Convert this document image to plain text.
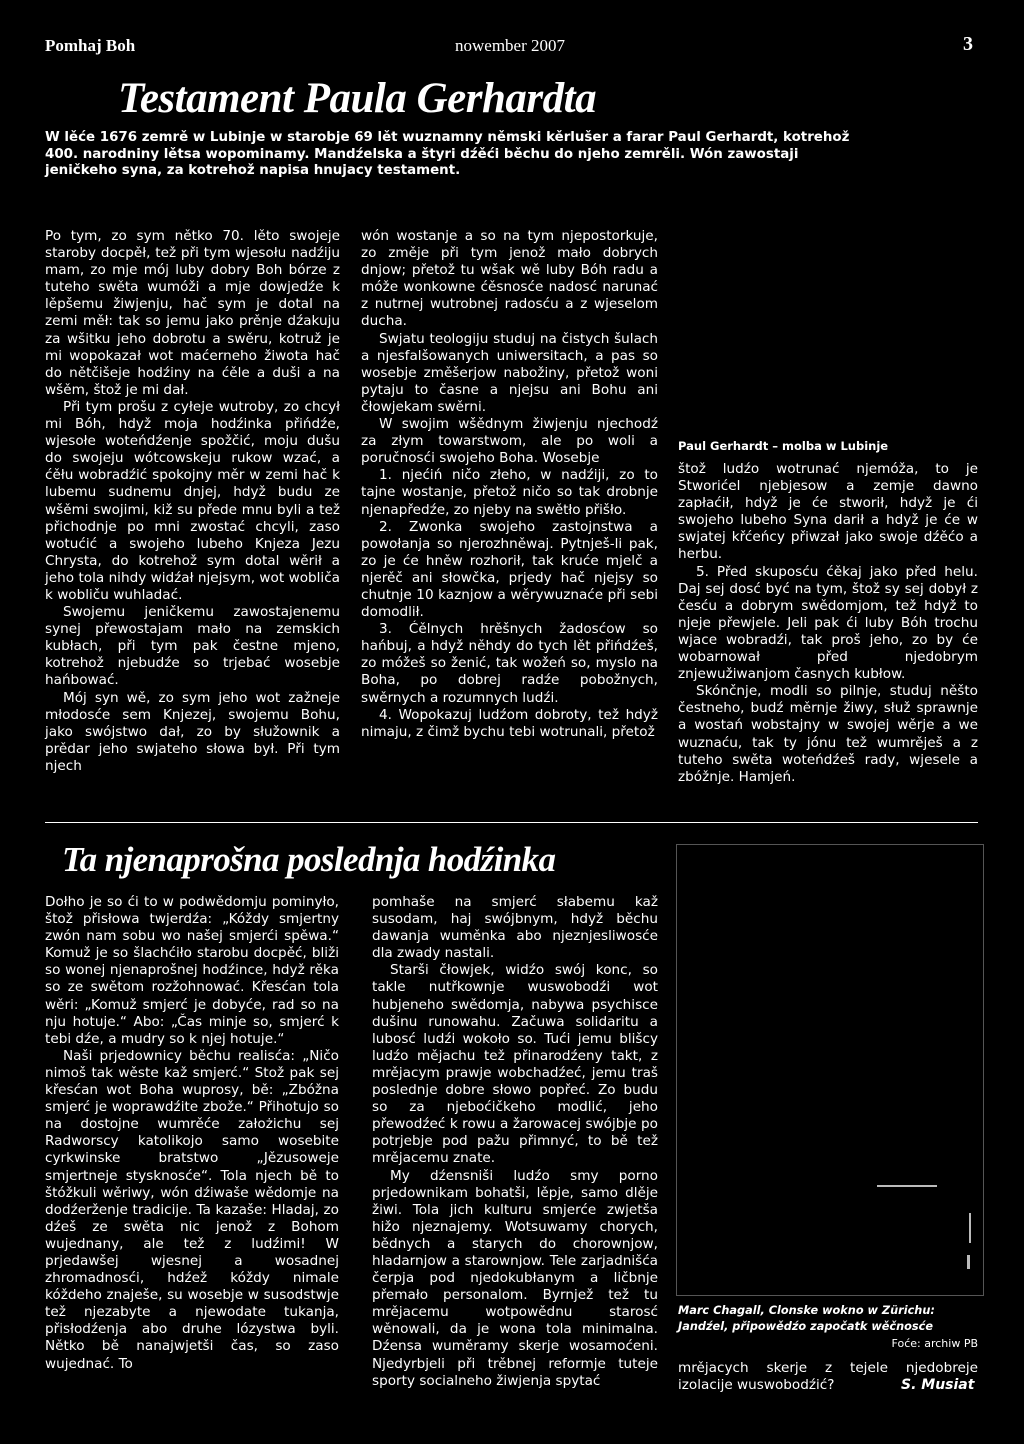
Pomhaj Boh	nowember 2007	3
Testament Paula Gerhardta
W lěće 1676 zemrě w Lubinje w starobje 69 lět wuznamny němski kěrlušer a farar Paul Gerhardt, kotrehož 400. narodniny lětsa wopominamy. Mandźelska a štyri dźěći běchu do njeho zemrěli. Wón zawostaji jeničkeho syna, za kotrehož napisa hnujacy testament.

Po tym, zo sym nětko 70. lěto swojeje staroby docpěł, tež při tym wjesołu nadźiju mam, zo mje mój luby dobry Boh bórze z tuteho swěta wumóži a mje dowjedźe k lěpšemu žiwjenju, hač sym je dotal na zemi měł: tak so jemu jako prěnje dźakuju za wšitku jeho dobrotu a swěru, kotruž je mi wopokazał wot maćerneho žiwota hač do nětčišeje hodźiny na ćěle a duši a na wšěm, štož je mi dał.

Při tym prošu z cyłeje wutroby, zo chcył mi Bóh, hdyž moja hodźinka přińdźe, wjesołe woteńdźenje spožčić, moju dušu do swojeju wótcowskeju rukow wzać, a ćěłu wobradźić spokojny měr w zemi hač k lubemu sudnemu dnjej, hdyž budu ze wšěmi swojimi, kiž su přede mnu byli a tež přichodnje po mni zwostać chcyli, zaso wotućić a swojeho lubeho Knjeza Jezu Chrysta, do kotrehož sym dotal wěrił a jeho tola nihdy widźał njejsym, wot wobliča k wobliču wuhladać.

Swojemu jeničkemu zawostajenemu synej přewostajam mało na zemskich kubłach, při tym pak čestne mjeno, kotrehož njebudźe so trjebać wosebje hańbować.

Mój syn wě, zo sym jeho wot zažneje młodosće sem Knjezej, swojemu Bohu, jako swójstwo dał, zo by słužownik a prědar jeho swjateho słowa był. Při tym njech

wón wostanje a so na tym njepostorkuje, zo změje při tym jenož mało dobrych dnjow; přetož tu wšak wě luby Bóh radu a móže wonkowne ćěsnosće nadosć narunać z nutrnej wutrobnej radosću a z wjeselom ducha.

Swjatu teologiju studuj na čistych šulach a njesfalšowanych uniwersitach, a pas so wosebje změšerjow nabožiny, přetož woni pytaju to časne a njejsu ani Bohu ani čłowjekam swěrni.

W swojim wšědnym žiwjenju njechodź za złym towarstwom, ale po woli a poručnosći swojeho Boha. Wosebje

1. njećiń ničo złeho, w nadźiji, zo to tajne wostanje, přetož ničo so tak drobnje njenapředźe, zo njeby na swětło přišło.

2. Zwonka swojeho zastojnstwa a powołanja so njerozhněwaj. Pytnješ-li pak, zo je će hněw rozhorił, tak kruće mjelč a njerěč ani słowčka, prjedy hač njejsy so chutnje 10 kaznjow a wěrywuznaće při sebi domodlił.

3. Ćělnych hrěšnych žadosćow so hańbuj, a hdyž něhdy do tych lět přińdźeš, zo móžeš so ženić, tak wožeń so, myslo na Boha, po dobrej radźe pobožnych, swěrnych a rozumnych ludźi.

4. Wopokazuj ludźom dobroty, tež hdyž nimaju, z čimž bychu tebi wotrunali, přetož

Paul Gerhardt – molba w Lubinje

štož ludźo wotrunać njemóža, to je Stworićel njebjesow a zemje dawno zapłaćił, hdyž je će stworił, hdyž je ći swojeho lubeho Syna darił a hdyž je će w swjatej křćeńcy přiwzał jako swoje dźěćo a herbu.

5. Před skuposću ćěkaj jako před helu. Daj sej dosć być na tym, štož sy sej dobył z česću a dobrym swědomjom, tež hdyž to njeje přewjele. Jeli pak ći luby Bóh trochu wjace wobradźi, tak proš jeho, zo by će wobarnował před njedobrym znjewužiwanjom časnych kubłow.

Skónčnje, modli so pilnje, studuj něšto čestneho, budź měrnje žiwy, słuž sprawnje a wostań wobstajny w swojej wěrje a we wuznaću, tak ty jónu tež wumrěješ a z tuteho swěta woteńdźeš rady, wjesele a zbóžnje. Hamjeń.

Ta njenaprošna poslednja hodźinka

Dołho je so ći to w podwědomju pominyło, štož přisłowa twjerdźa: „Kóždy smjertny zwón nam sobu wo našej smjerći spěwa.“ Komuž je so šlachćiło starobu docpěć, bliži so wonej njenaprošnej hodźince, hdyž rěka so ze swětom rozžohnować. Křesćan tola wěri: „Komuž smjerć je dobyće, rad so na nju hotuje.“ Abo: „Čas minje so, smjerć k tebi dźe, a mudry so k njej hotuje.“

Naši prjedownicy běchu realisća: „Ničo nimoš tak wěste kaž smjerć.“ Stož pak sej křesćan wot Boha wuprosy, bě: „Zbóžna smjerć je woprawdźite zbože.“ Přihotujo so na dostojne wumrěće założichu sej Radworscy katolikojo samo wosebite cyrkwinske bratstwo „Jězusoweje smjertneje stysknosće“. Tola njech bě to štóžkuli wěriwy, wón dźiwaše wědomje na dodźerženje tradicije. Ta kazaše: Hladaj, zo dźeš ze swěta nic jenož z Bohom wujednany, ale tež z ludźimi! W prjedawšej wjesnej a wosadnej zhromadnosći, hdźež kóždy nimale kóždeho znaješe, su wosebje w susodstwje tež njezabyte a njewodate tukanja, přisłodźenja abo druhe lózystwa byli. Nětko bě nanajwjetši čas, so zaso wujednać. To

pomhaše na smjerć słabemu kaž susodam, haj swójbnym, hdyž běchu dawanja wuměnka abo njeznjesliwosće dla zwady nastali.

Starši čłowjek, widźo swój konc, so takle nutřkownje wuswobodźi wot hubjeneho swědomja, nabywa psychisce dušinu runowahu. Začuwa solidaritu a lubosć ludźi wokoło so. Tući jemu blišcy ludźo mějachu tež přinarodźeny takt, z mrějacym prawje wobchadźeć, jemu traš poslednje dobre słowo popřeć. Zo budu so za njeboćičkeho modlić, jeho přewodźeć k rowu a žarowacej swójbje po potrjebje pod pažu přimnyć, to bě tež mrějacemu znate.

My dźensniši ludźo smy porno prjedownikam bohatši, lěpje, samo dlěje žiwi. Tola jich kulturu smjerće zwjetša hižo njeznajemy. Wotsuwamy chorych, bědnych a starych do chorownjow, hladarnjow a starownjow. Tele zarjadnišća čerpja pod njedokubłanym a ličbnje přemało personalom. Byrnjež tež tu mrějacemu wotpowědnu starosć wěnowali, da je wona tola minimalna. Dźensa wuměramy skerje wosamoćeni. Njedyrbjeli při trěbnej reformje tuteje sporty socialneho žiwjenja spytać

Marc Chagall, Clonske wokno w Zürichu: Jandźel, připowědźo započatk wěčnosće
Foće: archiw PB
mrějacych skerje z tejele njedobreje izolacije wuswobodźić?	S. Musiat
